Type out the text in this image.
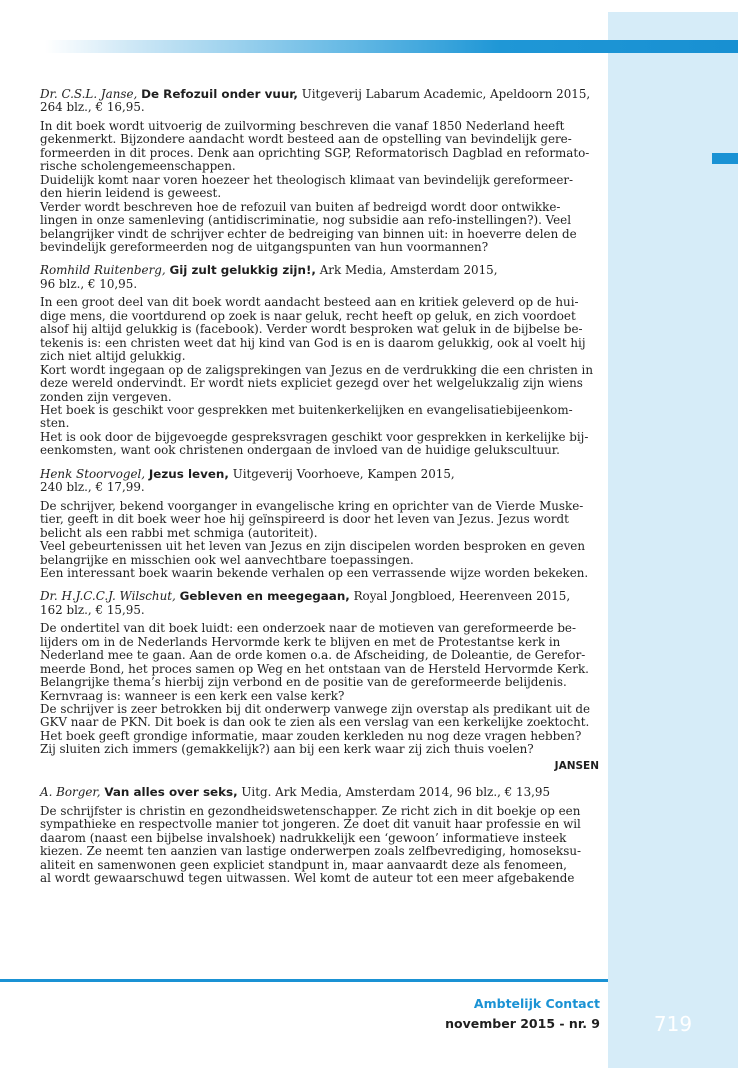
Dr. C.S.L. Janse, De Refozuil onder vuur, Uitgeverij Labarum Academic, Apeldoorn 2015,
264 blz., € 16,95.

In dit boek wordt uitvoerig de zuilvorming beschreven die vanaf 1850 Nederland heeft

gekenmerkt. Bijzondere aandacht wordt besteed aan de opstelling van bevindelijk gere-

formeerden in dit proces. Denk aan oprichting SGP, Reformatorisch Dagblad en reformato-

rische scholengemeenschappen.

Duidelijk komt naar voren hoezeer het theologisch klimaat van bevindelijk gereformeer-

den hierin leidend is geweest.

Verder wordt beschreven hoe de refozuil van buiten af bedreigd wordt door ontwikke-

lingen in onze samenleving (antidiscriminatie, nog subsidie aan refo-instellingen?). Veel

belangrijker vindt de schrijver echter de bedreiging van binnen uit: in hoeverre delen de

bevindelijk gereformeerden nog de uitgangspunten van hun voormannen?

Romhild Ruitenberg, Gij zult gelukkig zijn!, Ark Media, Amsterdam 2015,
96 blz., € 10,95.

In een groot deel van dit boek wordt aandacht besteed aan en kritiek geleverd op de hui-

dige mens, die voortdurend op zoek is naar geluk, recht heeft op geluk, en zich voordoet

alsof hij altijd gelukkig is (facebook). Verder wordt besproken wat geluk in de bijbelse be-

tekenis is: een christen weet dat hij kind van God is en is daarom gelukkig, ook al voelt hij

zich niet altijd gelukkig.

Kort wordt ingegaan op de zaligsprekingen van Jezus en de verdrukking die een christen in

deze wereld ondervindt. Er wordt niets expliciet gezegd over het welgelukzalig zijn wiens

zonden zijn vergeven.

Het boek is geschikt voor gesprekken met buitenkerkelijken en evangelisatiebijeenkom-

sten.

Het is ook door de bijgevoegde gespreksvragen geschikt voor gesprekken in kerkelijke bij-

eenkomsten, want ook christenen ondergaan de invloed van de huidige gelukscultuur.

Henk Stoorvogel, Jezus leven, Uitgeverij Voorhoeve, Kampen 2015,
240 blz., € 17,99.

De schrijver, bekend voorganger in evangelische kring en oprichter van de Vierde Muske-

tier, geeft in dit boek weer hoe hij geïnspireerd is door het leven van Jezus. Jezus wordt

belicht als een rabbi met schmiga (autoriteit).

Veel gebeurtenissen uit het leven van Jezus en zijn discipelen worden besproken en geven

belangrijke en misschien ook wel aanvechtbare toepassingen.

Een interessant boek waarin bekende verhalen op een verrassende wijze worden bekeken.

Dr. H.J.C.C.J. Wilschut, Gebleven en meegegaan, Royal Jongbloed, Heerenveen 2015,
162 blz., € 15,95.

De ondertitel van dit boek luidt: een onderzoek naar de motieven van gereformeerde be-

lijders om in de Nederlands Hervormde kerk te blijven en met de Protestantse kerk in

Nederland mee te gaan. Aan de orde komen o.a. de Afscheiding, de Doleantie, de Gerefor-

meerde Bond, het proces samen op Weg en het ontstaan van de Hersteld Hervormde Kerk.

Belangrijke thema’s hierbij zijn verbond en de positie van de gereformeerde belijdenis.

Kernvraag is: wanneer is een kerk een valse kerk?

De schrijver is zeer betrokken bij dit onderwerp vanwege zijn overstap als predikant uit de

GKV naar de PKN. Dit boek is dan ook te zien als een verslag van een kerkelijke zoektocht.

Het boek geeft grondige informatie, maar zouden kerkleden nu nog deze vragen hebben?

Zij sluiten zich immers (gemakkelijk?) aan bij een kerk waar zij zich thuis voelen?

JANSEN
A. Borger, Van alles over seks, Uitg. Ark Media, Amsterdam 2014, 96 blz., € 13,95

De schrijfster is christin en gezondheidswetenschapper. Ze richt zich in dit boekje op een

sympathieke en respectvolle manier tot jongeren. Ze doet dit vanuit haar professie en wil

daarom (naast een bijbelse invalshoek) nadrukkelijk een ‘gewoon’ informatieve insteek

kiezen. Ze neemt ten aanzien van lastige onderwerpen zoals zelfbevrediging, homoseksu-

aliteit en samenwonen geen expliciet standpunt in, maar aanvaardt deze als fenomeen,

al wordt gewaarschuwd tegen uitwassen. Wel komt de auteur tot een meer afgebakende

Ambtelijk Contact
november 2015 - nr. 9	719
